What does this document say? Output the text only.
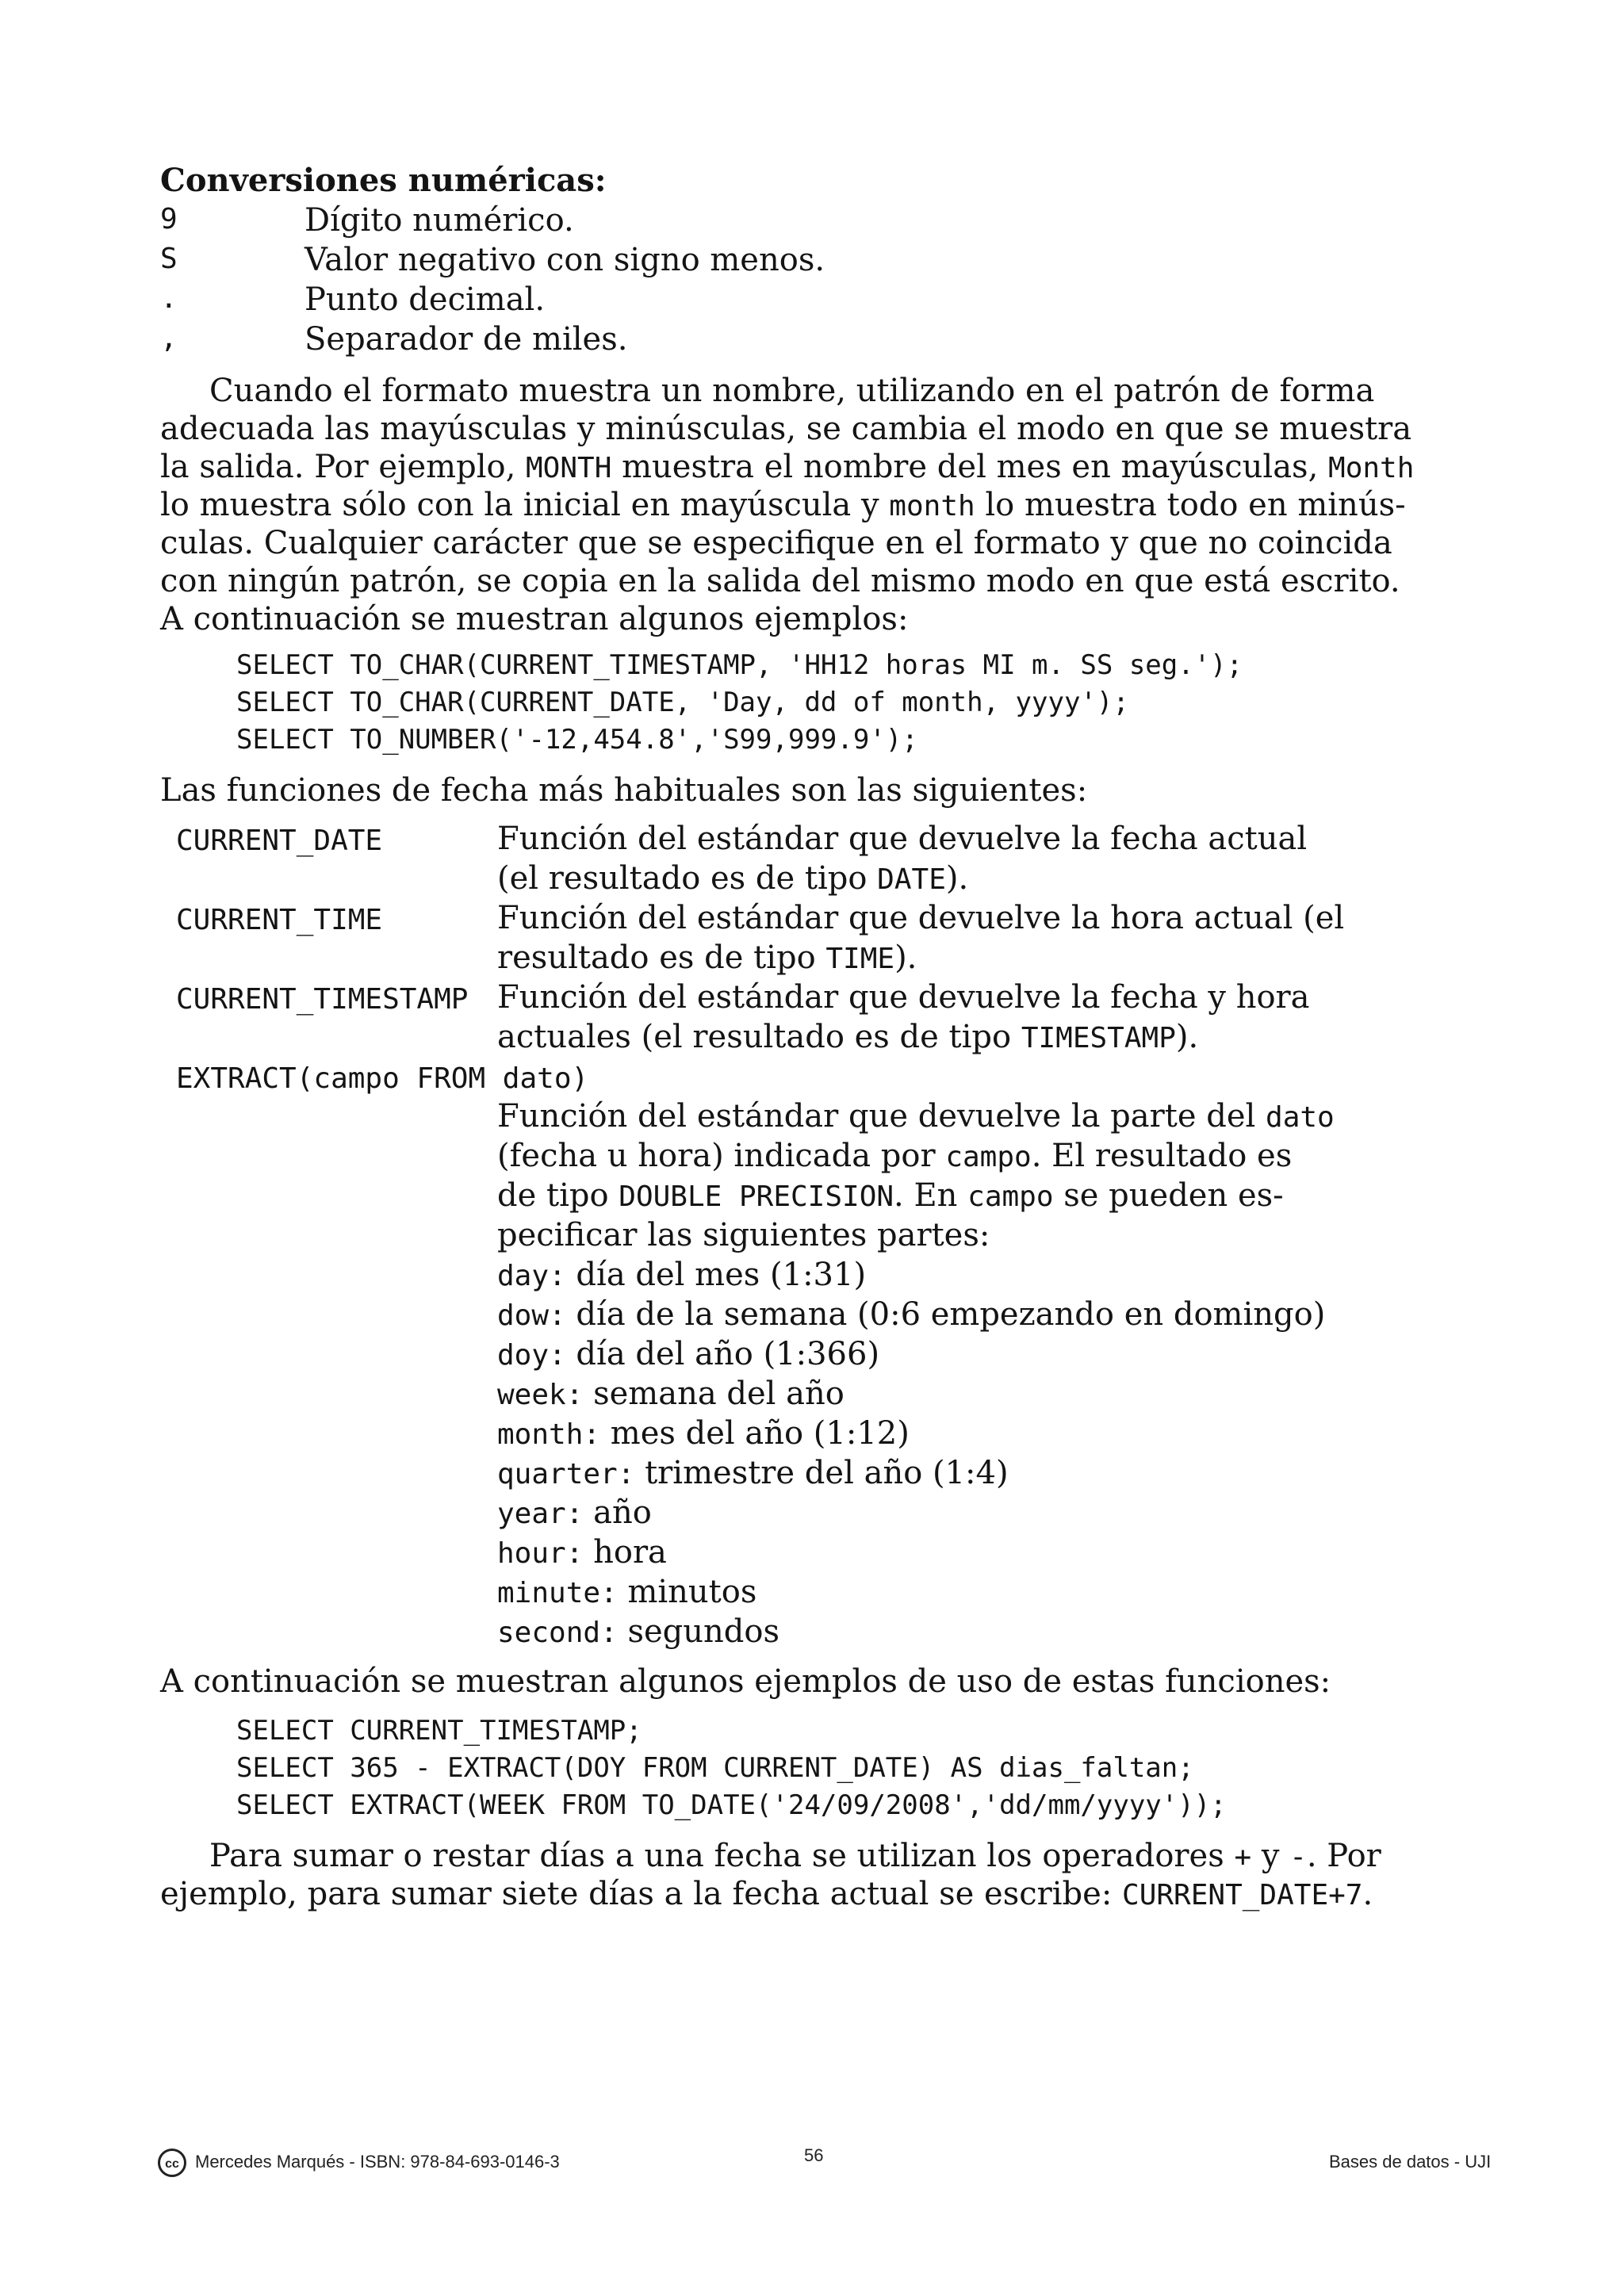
Conversiones numéricas:
9	Dígito numérico.
S	Valor negativo con signo menos.
.	Punto decimal.
,	Separador de miles.
Cuando el formato muestra un nombre, utilizando en el patrón de forma
adecuada las mayúsculas y minúsculas, se cambia el modo en que se muestra
la salida. Por ejemplo, MONTH muestra el nombre del mes en mayúsculas, Month
lo muestra sólo con la inicial en mayúscula y month lo muestra todo en minús-
culas. Cualquier carácter que se especifique en el formato y que no coincida
con ningún patrón, se copia en la salida del mismo modo en que está escrito.
A continuación se muestran algunos ejemplos:
SELECT TO_CHAR(CURRENT_TIMESTAMP, 'HH12 horas MI m. SS seg.');
SELECT TO_CHAR(CURRENT_DATE, 'Day, dd of month, yyyy');
SELECT TO_NUMBER('-12,454.8','S99,999.9');
Las funciones de fecha más habituales son las siguientes:
CURRENT_DATE	Función del estándar que devuelve la fecha actual
(el resultado es de tipo DATE).
CURRENT_TIME	Función del estándar que devuelve la hora actual (el
resultado es de tipo TIME).
CURRENT_TIMESTAMP Función del estándar que devuelve la fecha y hora
actuales (el resultado es de tipo TIMESTAMP).
EXTRACT(campo FROM dato)
Función del estándar que devuelve la parte del dato
(fecha u hora) indicada por campo. El resultado es
de tipo DOUBLE PRECISION. En campo se pueden es-
pecificar las siguientes partes:
day: día del mes (1:31)
dow: día de la semana (0:6 empezando en domingo)
doy: día del año (1:366)
week: semana del año
month: mes del año (1:12)
quarter: trimestre del año (1:4)
year: año
hour: hora
minute: minutos
second: segundos
A continuación se muestran algunos ejemplos de uso de estas funciones:
SELECT CURRENT_TIMESTAMP;
SELECT 365 - EXTRACT(DOY FROM CURRENT_DATE) AS dias_faltan;
SELECT EXTRACT(WEEK FROM TO_DATE('24/09/2008','dd/mm/yyyy'));
Para sumar o restar días a una fecha se utilizan los operadores + y -. Por
ejemplo, para sumar siete días a la fecha actual se escribe: CURRENT_DATE+7.
cc Mercedes Marqués - ISBN: 978-84-693-0146-3	56	Bases de datos - UJI
